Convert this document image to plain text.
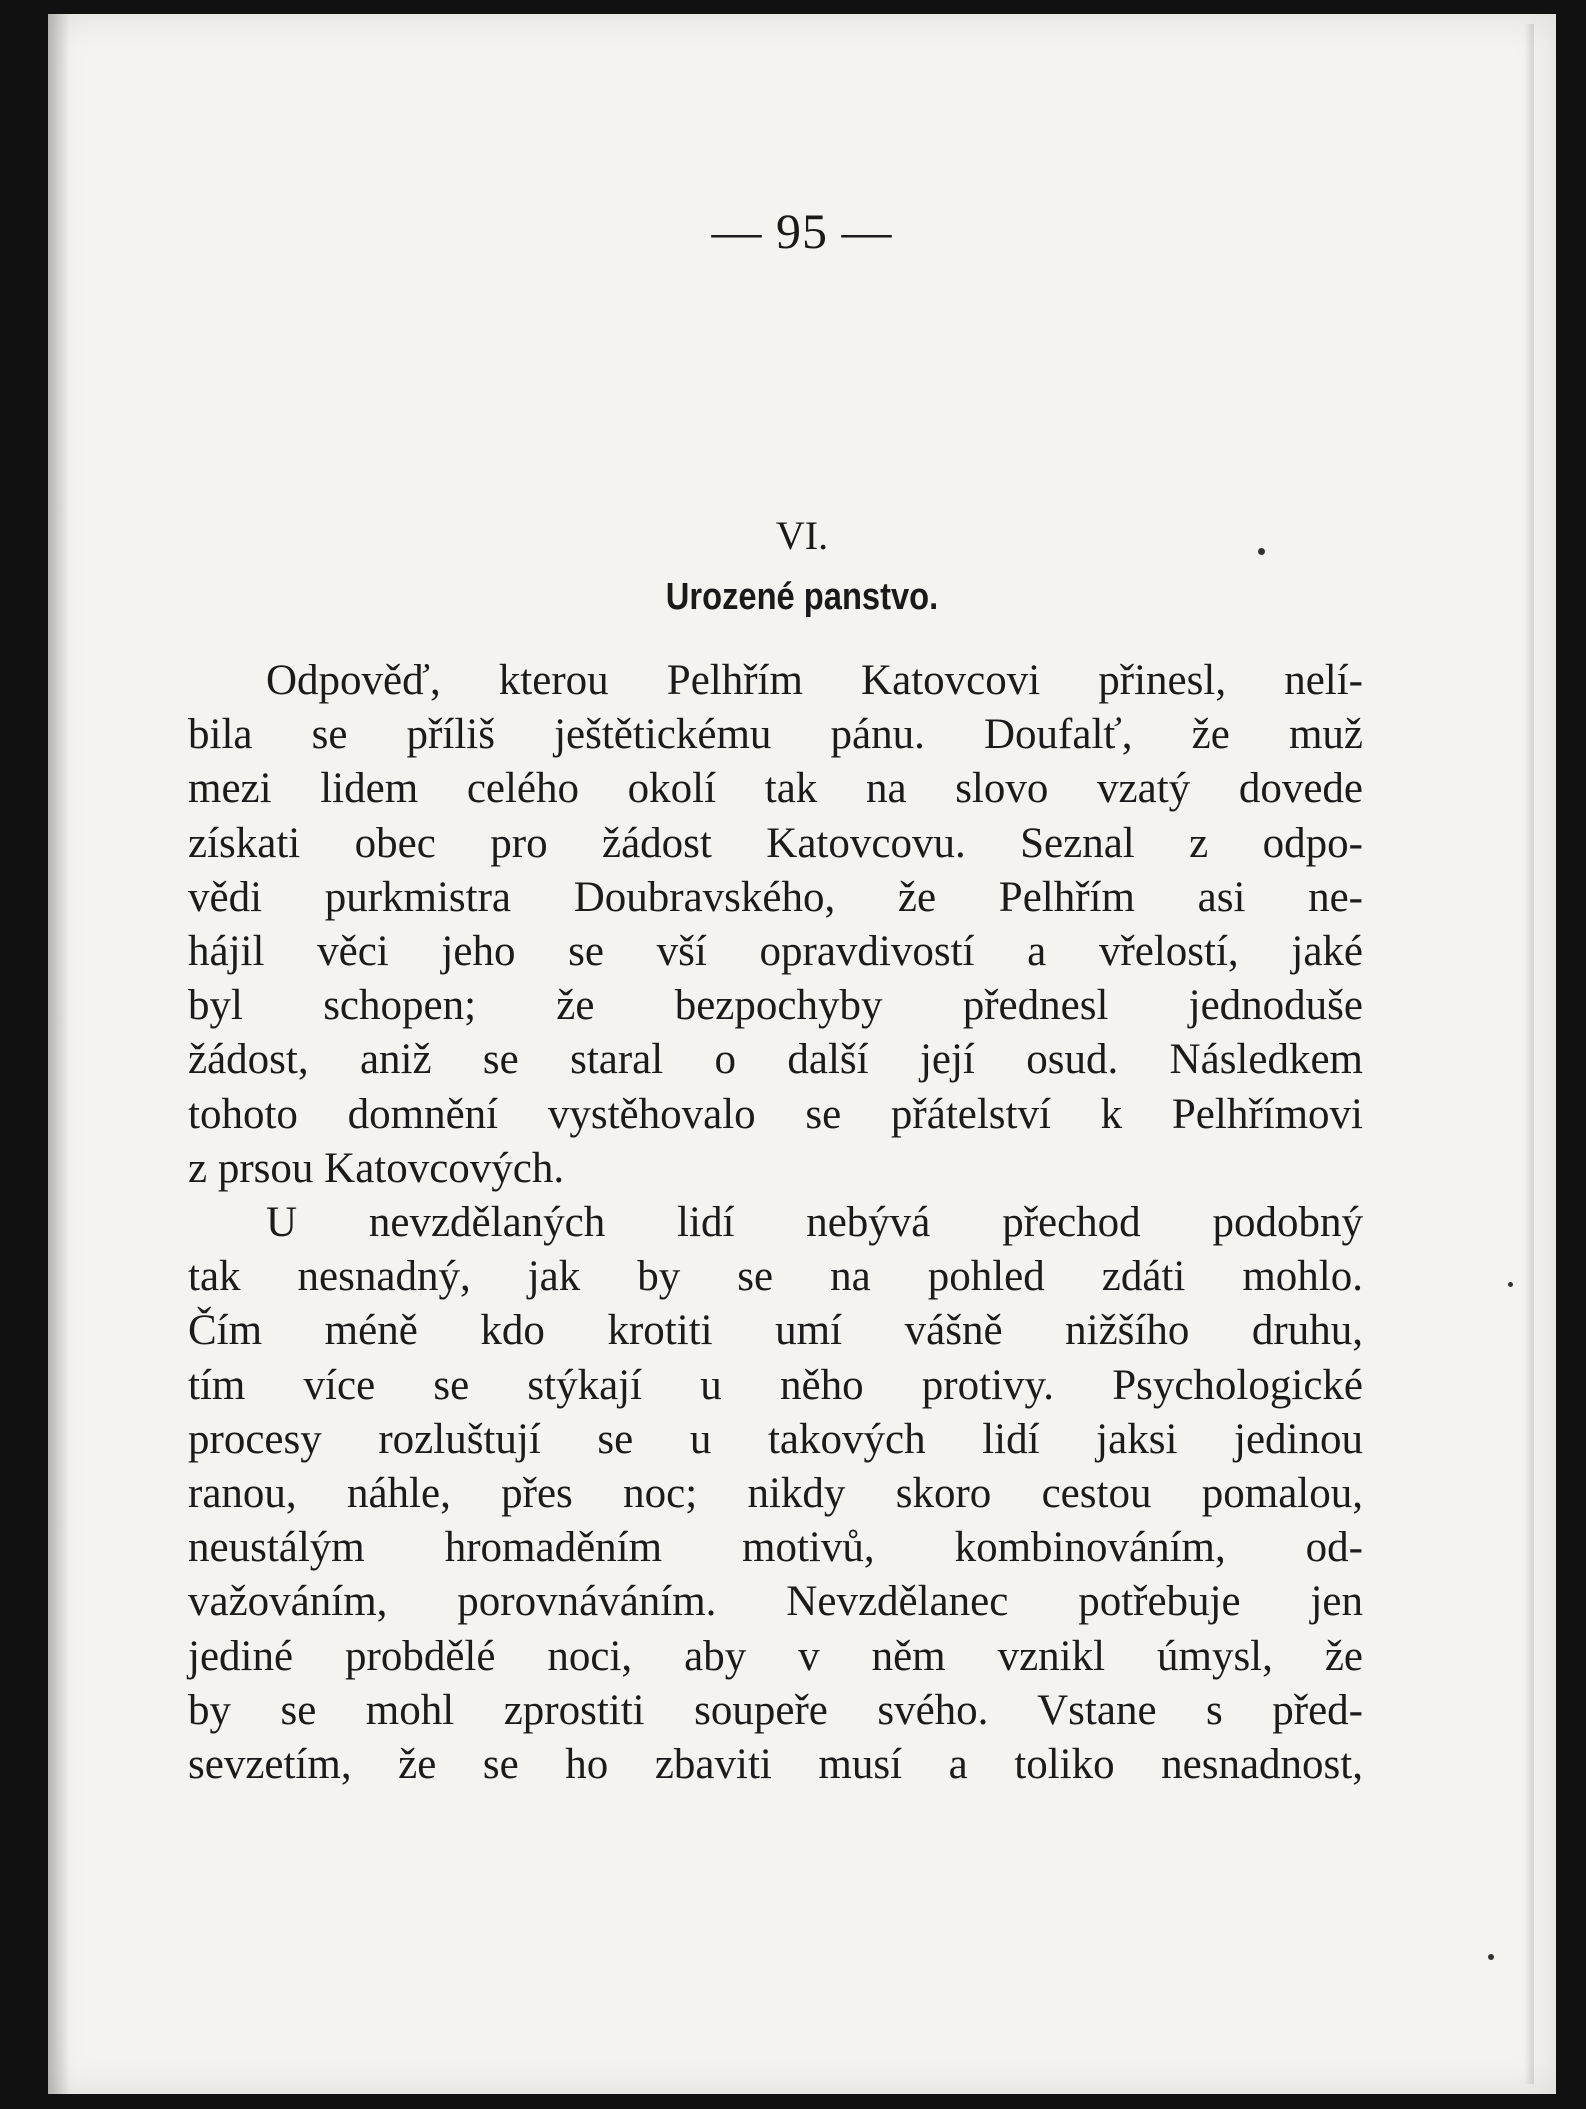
— 95 —
VI.
Urozené panstvo.
Odpověď, kterou Pelhřím Katovcovi přinesl, nelí-
bila se příliš ještětickému pánu. Doufalť, že muž
mezi lidem celého okolí tak na slovo vzatý dovede
získati obec pro žádost Katovcovu. Seznal z odpo-
vědi purkmistra Doubravského, že Pelhřím asi ne-
hájil věci jeho se vší opravdivostí a vřelostí, jaké
byl schopen; že bezpochyby přednesl jednoduše
žádost, aniž se staral o další její osud. Následkem
tohoto domnění vystěhovalo se přátelství k Pelhřímovi
z prsou Katovcových.
U nevzdělaných lidí nebývá přechod podobný
tak nesnadný, jak by se na pohled zdáti mohlo.
Čím méně kdo krotiti umí vášně nižšího druhu,
tím více se stýkají u něho protivy. Psychologické
procesy rozluštují se u takových lidí jaksi jedinou
ranou, náhle, přes noc; nikdy skoro cestou pomalou,
neustálým hromaděním motivů, kombinováním, od-
važováním, porovnáváním. Nevzdělanec potřebuje jen
jediné probdělé noci, aby v něm vznikl úmysl, že
by se mohl zprostiti soupeře svého. Vstane s před-
sevzetím, že se ho zbaviti musí a toliko nesnadnost,
